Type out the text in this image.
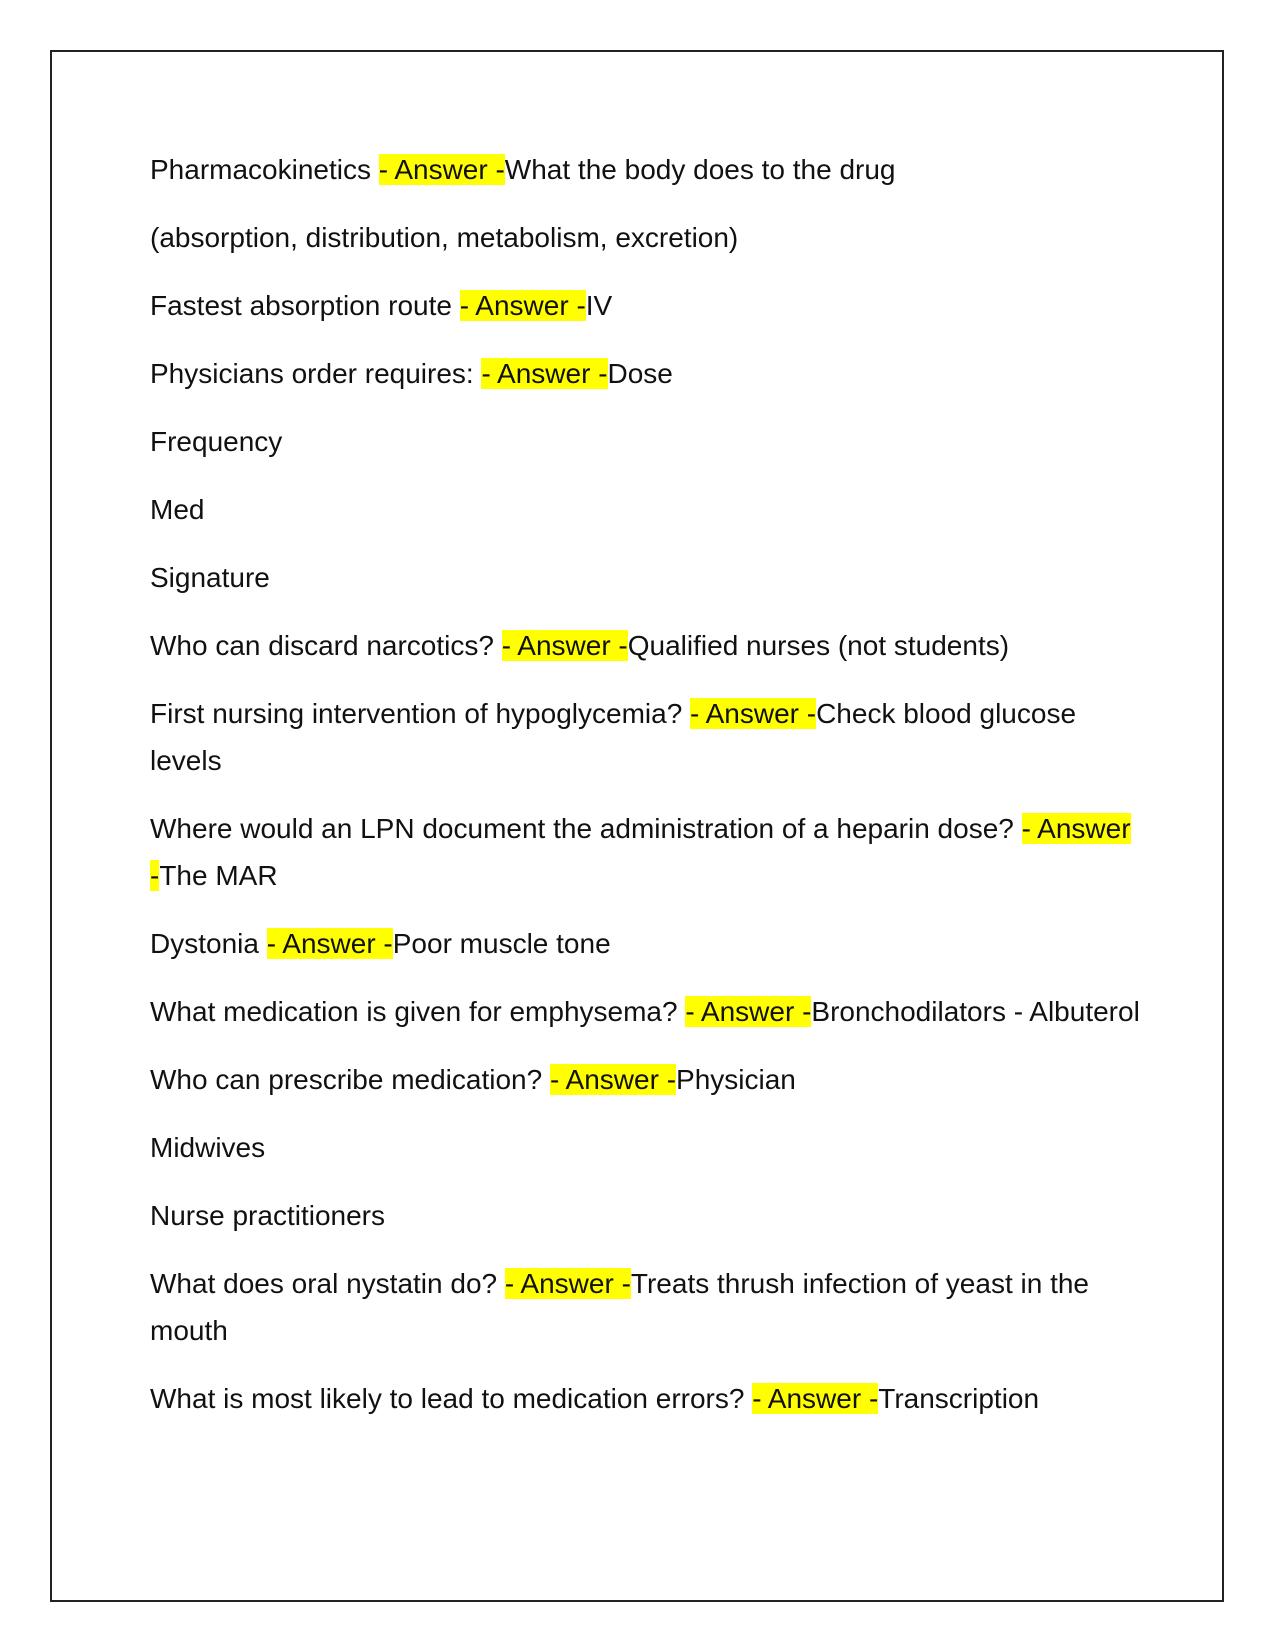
Pharmacokinetics - Answer -What the body does to the drug

(absorption, distribution, metabolism, excretion)

Fastest absorption route - Answer -IV

Physicians order requires: - Answer -Dose

Frequency

Med

Signature

Who can discard narcotics? - Answer -Qualified nurses (not students)

First nursing intervention of hypoglycemia? - Answer -Check blood glucose levels

Where would an LPN document the administration of a heparin dose? - Answer -The MAR

Dystonia - Answer -Poor muscle tone

What medication is given for emphysema? - Answer -Bronchodilators - Albuterol

Who can prescribe medication? - Answer -Physician

Midwives

Nurse practitioners

What does oral nystatin do? - Answer -Treats thrush infection of yeast in the mouth

What is most likely to lead to medication errors? - Answer -Transcription
